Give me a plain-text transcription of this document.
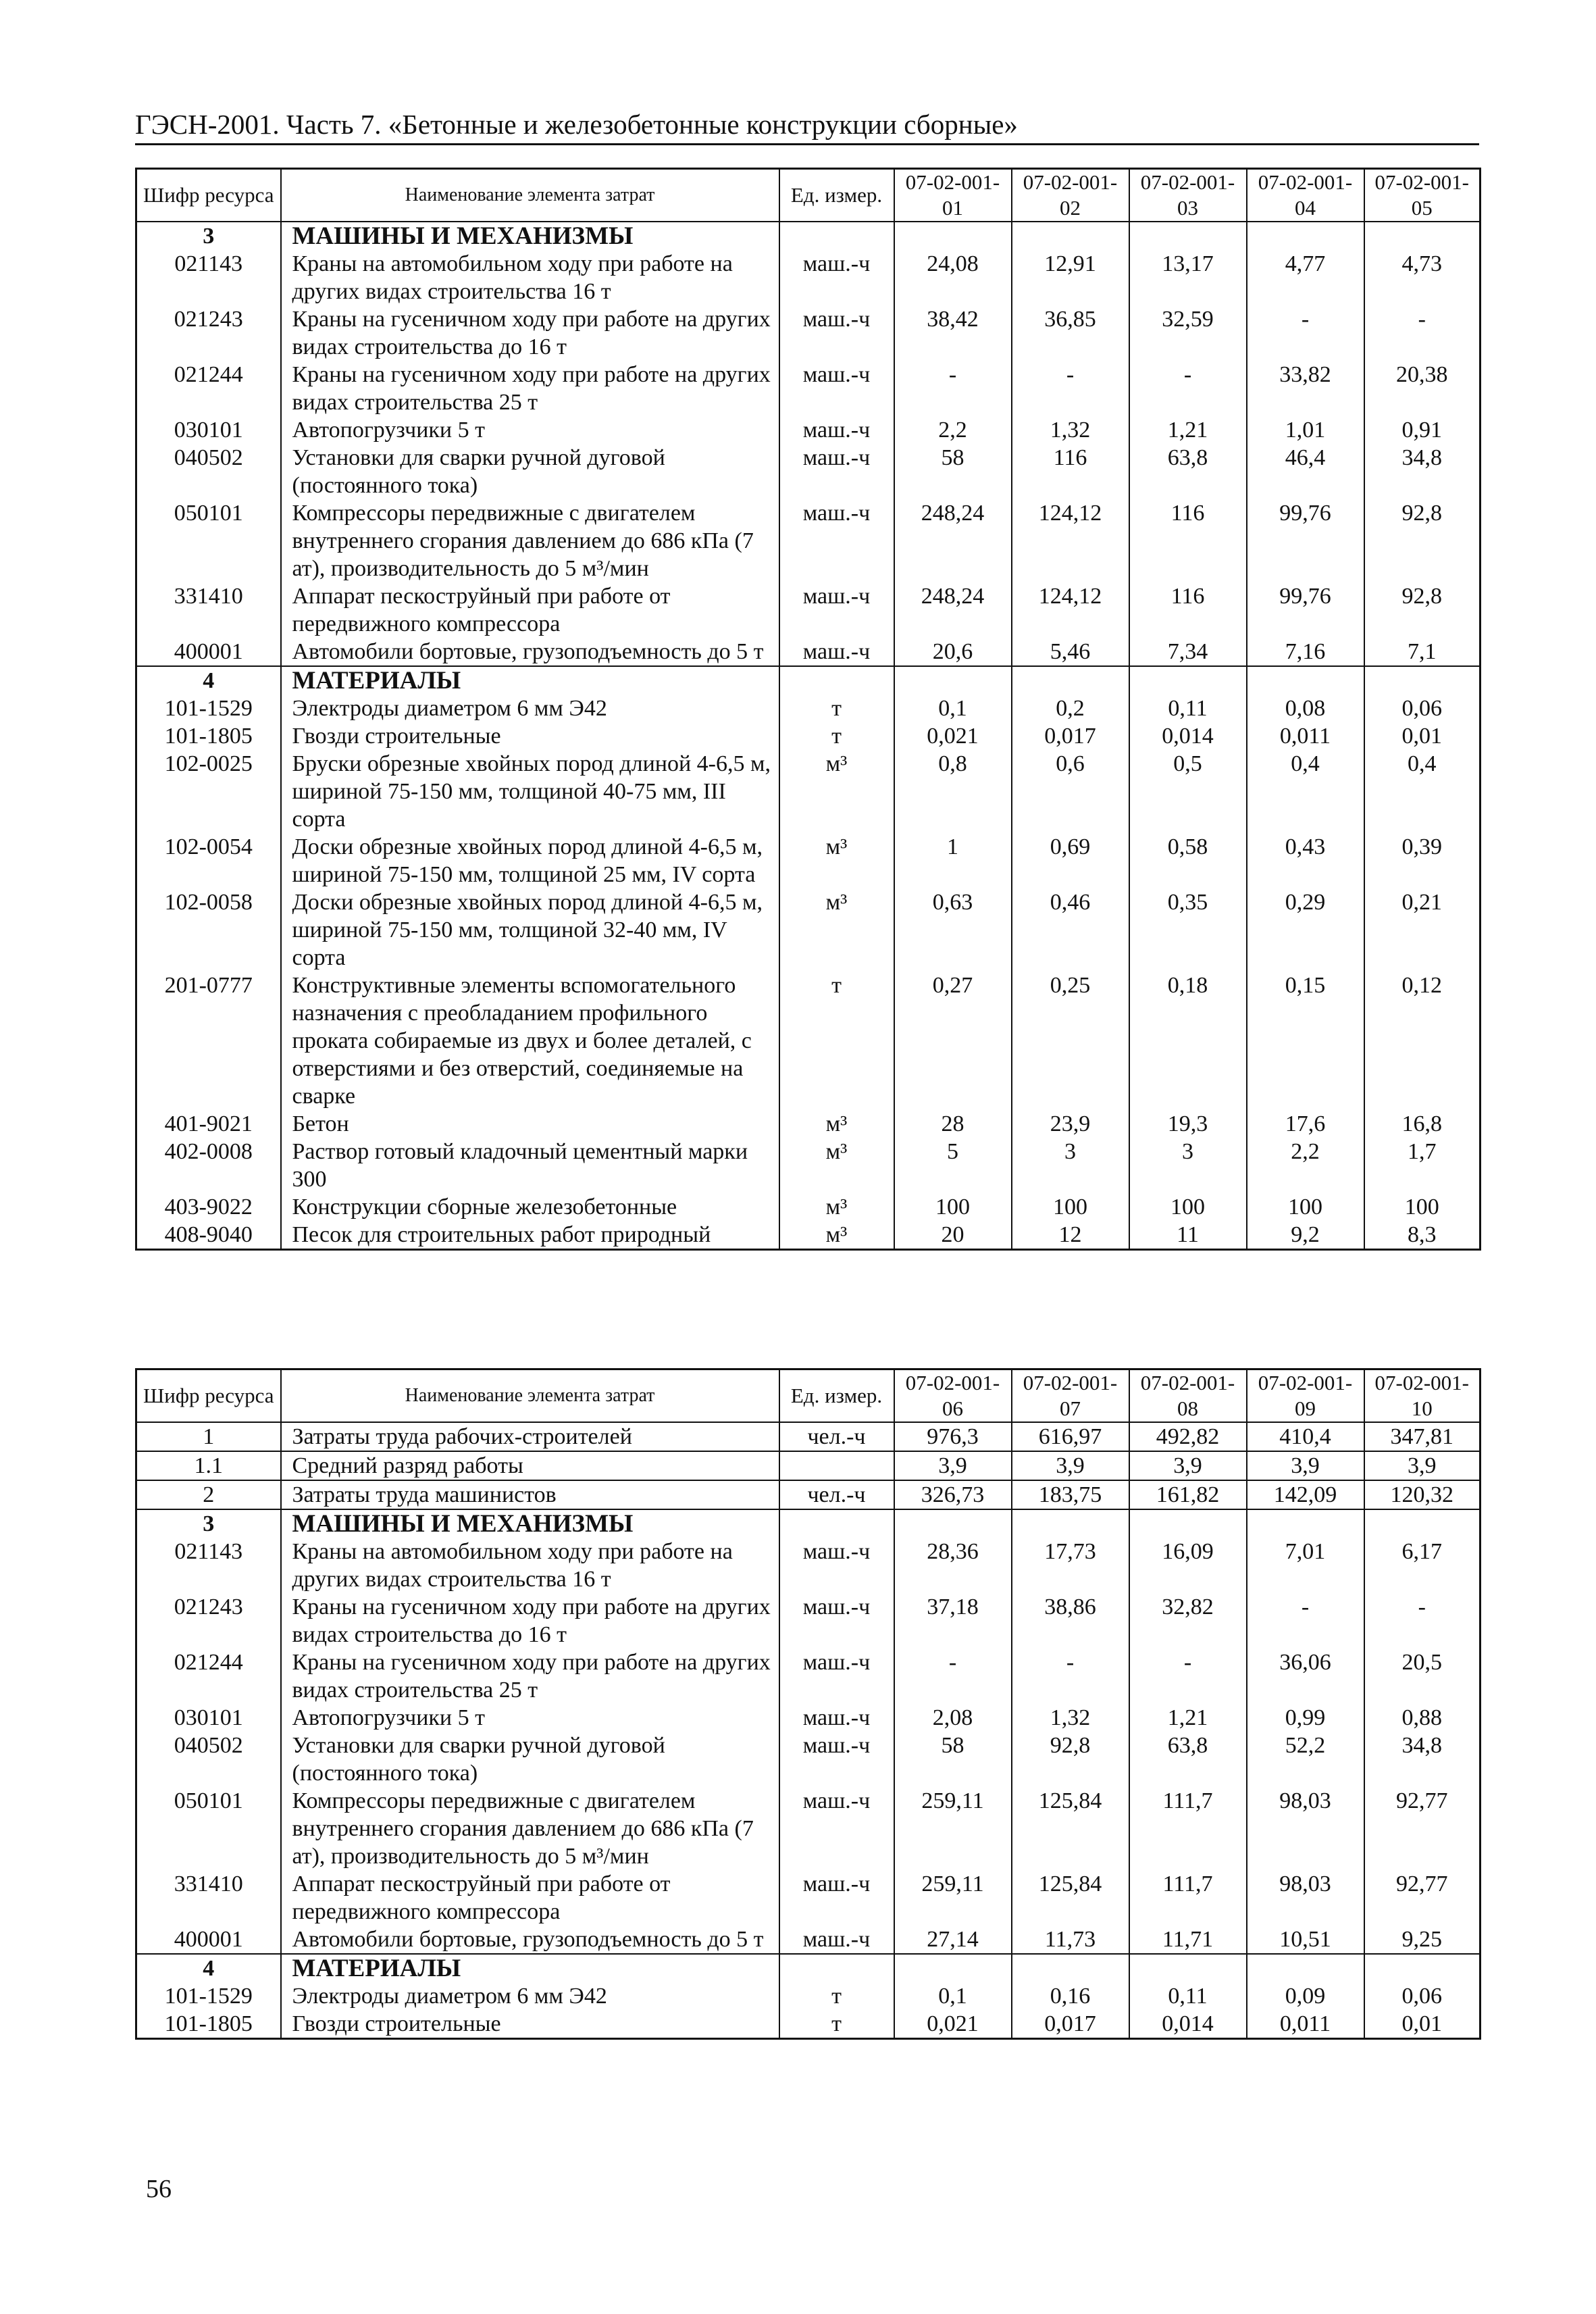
ГЭСН-2001. Часть 7. «Бетонные и железобетонные конструкции сборные»
Шифр ресурса	Наименование элемента затрат	Ед. измер.	07-02-001-01	07-02-001-02	07-02-001-03	07-02-001-04	07-02-001-05
3	МАШИНЫ И МЕХАНИЗМЫ						
021143	Краны на автомобильном ходу при работе на других видах строительства 16 т	маш.-ч	24,08	12,91	13,17	4,77	4,73
021243	Краны на гусеничном ходу при работе на других видах строительства до 16 т	маш.-ч	38,42	36,85	32,59	-	-
021244	Краны на гусеничном ходу при работе на других видах строительства 25 т	маш.-ч	-	-	-	33,82	20,38
030101	Автопогрузчики 5 т	маш.-ч	2,2	1,32	1,21	1,01	0,91
040502	Установки для сварки ручной дуговой (постоянного тока)	маш.-ч	58	116	63,8	46,4	34,8
050101	Компрессоры передвижные с двигателем внутреннего сгорания давлением до 686 кПа (7 ат), производительность до 5 м³/мин	маш.-ч	248,24	124,12	116	99,76	92,8
331410	Аппарат пескоструйный при работе от передвижного компрессора	маш.-ч	248,24	124,12	116	99,76	92,8
400001	Автомобили бортовые, грузоподъемность до 5 т	маш.-ч	20,6	5,46	7,34	7,16	7,1
4	МАТЕРИАЛЫ						
101-1529	Электроды диаметром 6 мм Э42	т	0,1	0,2	0,11	0,08	0,06
101-1805	Гвозди строительные	т	0,021	0,017	0,014	0,011	0,01
102-0025	Бруски обрезные хвойных пород длиной 4-6,5 м, шириной 75-150 мм, толщиной 40-75 мм, III сорта	м³	0,8	0,6	0,5	0,4	0,4
102-0054	Доски обрезные хвойных пород длиной 4-6,5 м, шириной 75-150 мм, толщиной 25 мм, IV сорта	м³	1	0,69	0,58	0,43	0,39
102-0058	Доски обрезные хвойных пород длиной 4-6,5 м, шириной 75-150 мм, толщиной 32-40 мм, IV сорта	м³	0,63	0,46	0,35	0,29	0,21
201-0777	Конструктивные элементы вспомогательного назначения с преобладанием профильного проката собираемые из двух и более деталей, с отверстиями и без отверстий, соединяемые на сварке	т	0,27	0,25	0,18	0,15	0,12
401-9021	Бетон	м³	28	23,9	19,3	17,6	16,8
402-0008	Раствор готовый кладочный цементный марки 300	м³	5	3	3	2,2	1,7
403-9022	Конструкции сборные железобетонные	м³	100	100	100	100	100
408-9040	Песок для строительных работ природный	м³	20	12	11	9,2	8,3
Шифр ресурса	Наименование элемента затрат	Ед. измер.	07-02-001-06	07-02-001-07	07-02-001-08	07-02-001-09	07-02-001-10
1	Затраты труда рабочих-строителей	чел.-ч	976,3	616,97	492,82	410,4	347,81
1.1	Средний разряд работы		3,9	3,9	3,9	3,9	3,9
2	Затраты труда машинистов	чел.-ч	326,73	183,75	161,82	142,09	120,32
3	МАШИНЫ И МЕХАНИЗМЫ						
021143	Краны на автомобильном ходу при работе на других видах строительства 16 т	маш.-ч	28,36	17,73	16,09	7,01	6,17
021243	Краны на гусеничном ходу при работе на других видах строительства до 16 т	маш.-ч	37,18	38,86	32,82	-	-
021244	Краны на гусеничном ходу при работе на других видах строительства 25 т	маш.-ч	-	-	-	36,06	20,5
030101	Автопогрузчики 5 т	маш.-ч	2,08	1,32	1,21	0,99	0,88
040502	Установки для сварки ручной дуговой (постоянного тока)	маш.-ч	58	92,8	63,8	52,2	34,8
050101	Компрессоры передвижные с двигателем внутреннего сгорания давлением до 686 кПа (7 ат), производительность до 5 м³/мин	маш.-ч	259,11	125,84	111,7	98,03	92,77
331410	Аппарат пескоструйный при работе от передвижного компрессора	маш.-ч	259,11	125,84	111,7	98,03	92,77
400001	Автомобили бортовые, грузоподъемность до 5 т	маш.-ч	27,14	11,73	11,71	10,51	9,25
4	МАТЕРИАЛЫ						
101-1529	Электроды диаметром 6 мм Э42	т	0,1	0,16	0,11	0,09	0,06
101-1805	Гвозди строительные	т	0,021	0,017	0,014	0,011	0,01
56
